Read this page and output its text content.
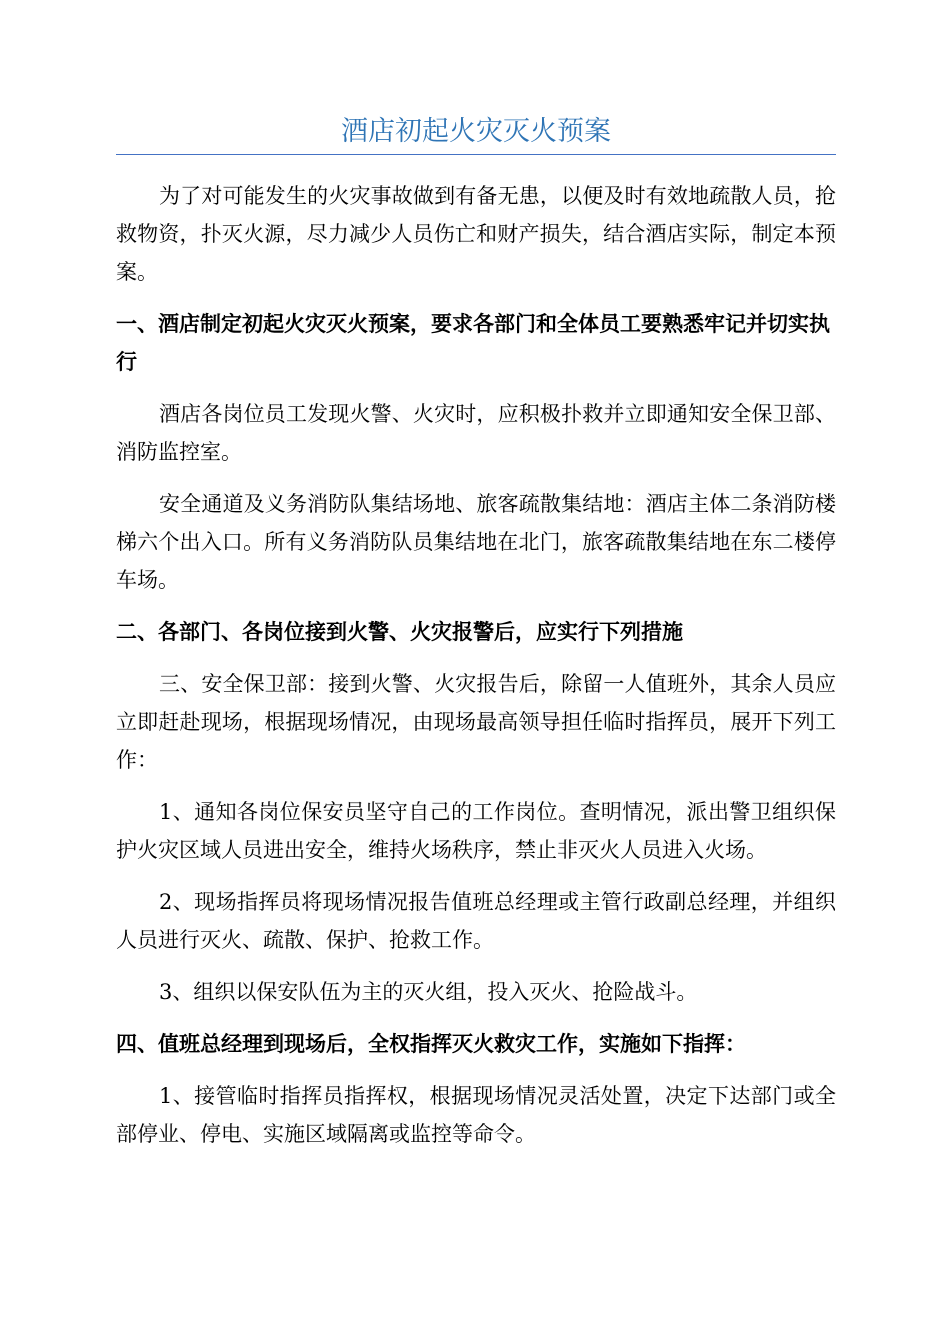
酒店初起火灾灭火预案

为了对可能发生的火灾事故做到有备无患，以便及时有效地疏散人员，抢救物资，扑灭火源，尽力减少人员伤亡和财产损失，结合酒店实际，制定本预案。

一、酒店制定初起火灾灭火预案，要求各部门和全体员工要熟悉牢记并切实执行

酒店各岗位员工发现火警、火灾时，应积极扑救并立即通知安全保卫部、消防监控室。

安全通道及义务消防队集结场地、旅客疏散集结地：酒店主体二条消防楼梯六个出入口。所有义务消防队员集结地在北门，旅客疏散集结地在东二楼停车场。

二、各部门、各岗位接到火警、火灾报警后，应实行下列措施

三、安全保卫部：接到火警、火灾报告后，除留一人值班外，其余人员应立即赶赴现场，根据现场情况，由现场最高领导担任临时指挥员，展开下列工作：

1、通知各岗位保安员坚守自己的工作岗位。查明情况，派出警卫组织保护火灾区域人员进出安全，维持火场秩序，禁止非灭火人员进入火场。

2、现场指挥员将现场情况报告值班总经理或主管行政副总经理，并组织人员进行灭火、疏散、保护、抢救工作。

3、组织以保安队伍为主的灭火组，投入灭火、抢险战斗。

四、值班总经理到现场后，全权指挥灭火救灾工作，实施如下指挥：

1、接管临时指挥员指挥权，根据现场情况灵活处置，决定下达部门或全部停业、停电、实施区域隔离或监控等命令。
